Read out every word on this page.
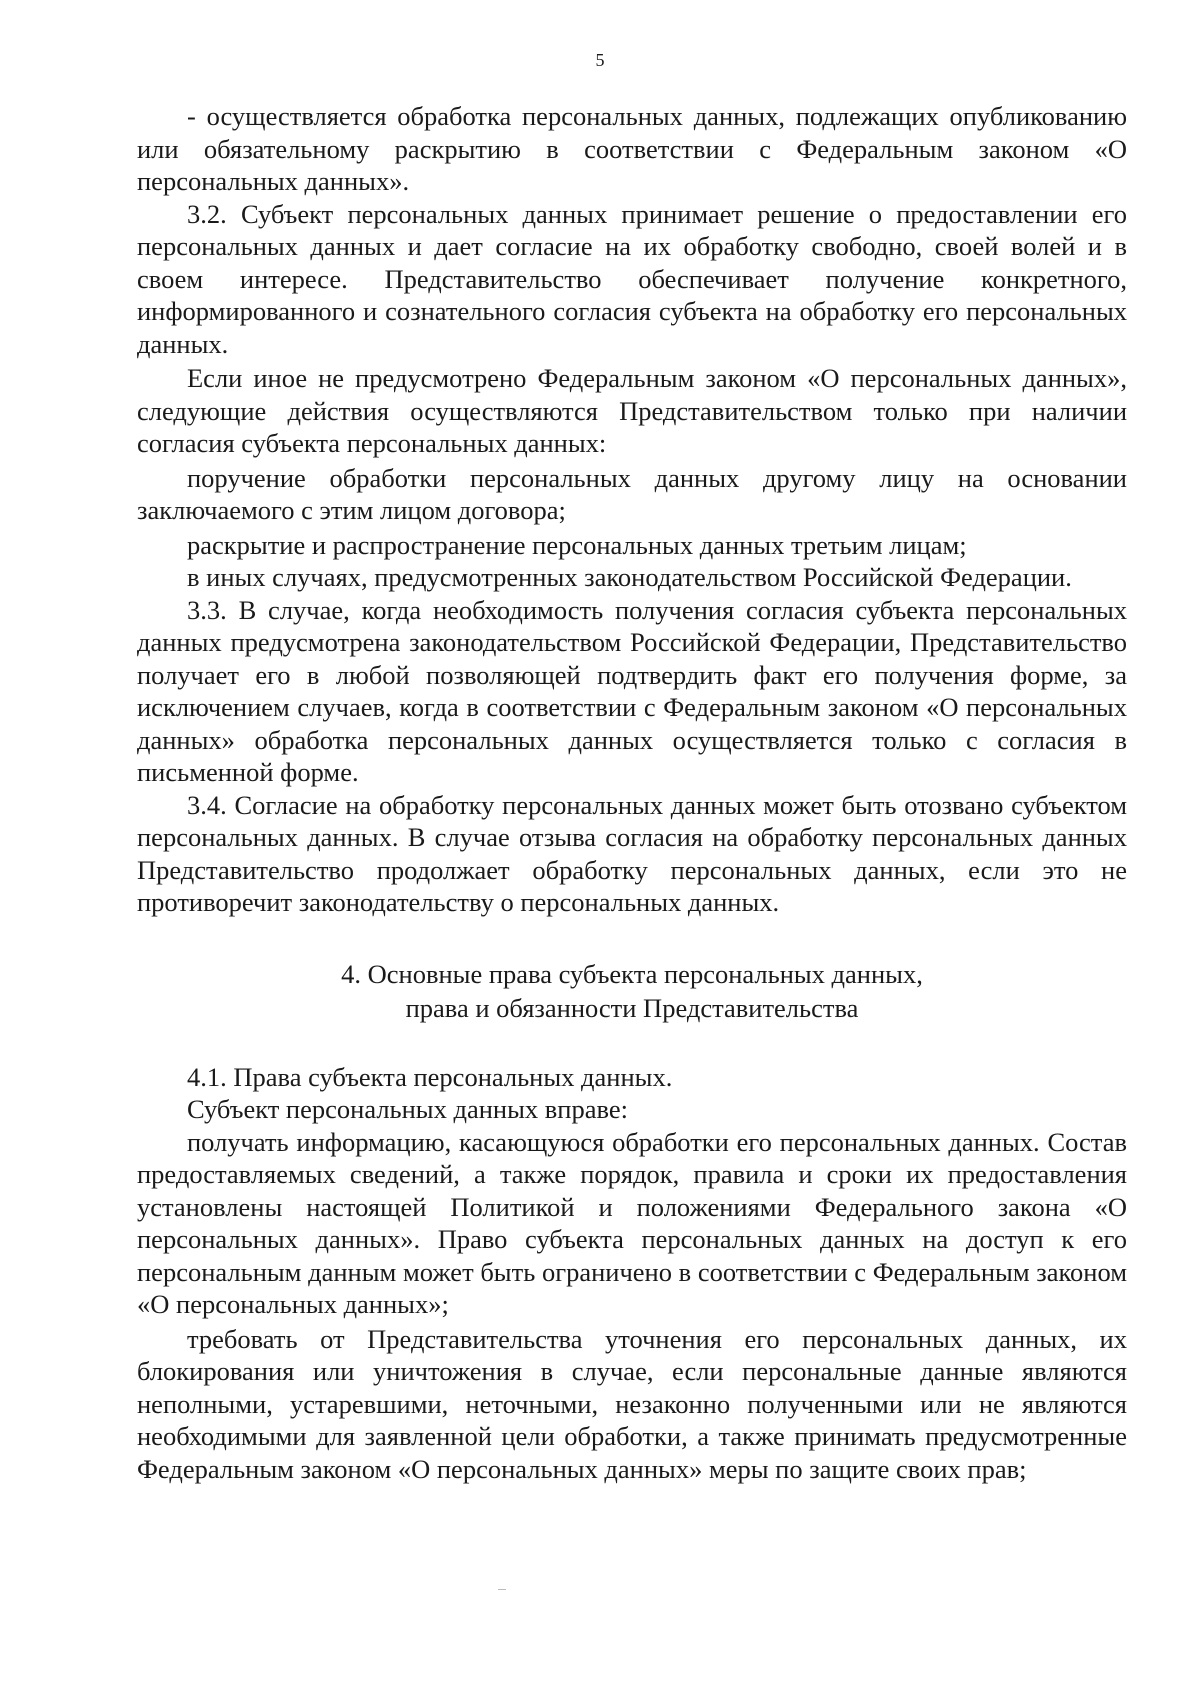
5

- осуществляется обработка персональных данных, подлежащих опубликованию или обязательному раскрытию в соответствии с Федеральным законом «О персональных данных».

3.2. Субъект персональных данных принимает решение о предоставлении его персональных данных и дает согласие на их обработку свободно, своей волей и в своем интересе. Представительство обеспечивает получение конкретного, информированного и сознательного согласия субъекта на обработку его персональных данных.

Если иное не предусмотрено Федеральным законом «О персональных данных», следующие действия осуществляются Представительством только при наличии согласия субъекта персональных данных:

поручение обработки персональных данных другому лицу на основании заключаемого с этим лицом договора;

раскрытие и распространение персональных данных третьим лицам;

в иных случаях, предусмотренных законодательством Российской Федерации.

3.3. В случае, когда необходимость получения согласия субъекта персональных данных предусмотрена законодательством Российской Федерации, Представительство получает его в любой позволяющей подтвердить факт его получения форме, за исключением случаев, когда в соответствии с Федеральным законом «О персональных данных» обработка персональных данных осуществляется только с согласия в письменной форме.

3.4. Согласие на обработку персональных данных может быть отозвано субъектом персональных данных. В случае отзыва согласия на обработку персональных данных Представительство продолжает обработку персональных данных, если это не противоречит законодательству о персональных данных.

4. Основные права субъекта персональных данных,
права и обязанности Представительства

4.1. Права субъекта персональных данных.

Субъект персональных данных вправе:

получать информацию, касающуюся обработки его персональных данных. Состав предоставляемых сведений, а также порядок, правила и сроки их предоставления установлены настоящей Политикой и положениями Федерального закона «О персональных данных». Право субъекта персональных данных на доступ к его персональным данным может быть ограничено в соответствии с Федеральным законом «О персональных данных»;

требовать от Представительства уточнения его персональных данных, их блокирования или уничтожения в случае, если персональные данные являются неполными, устаревшими, неточными, незаконно полученными или не являются необходимыми для заявленной цели обработки, а также принимать предусмотренные Федеральным законом «О персональных данных» меры по защите своих прав;
